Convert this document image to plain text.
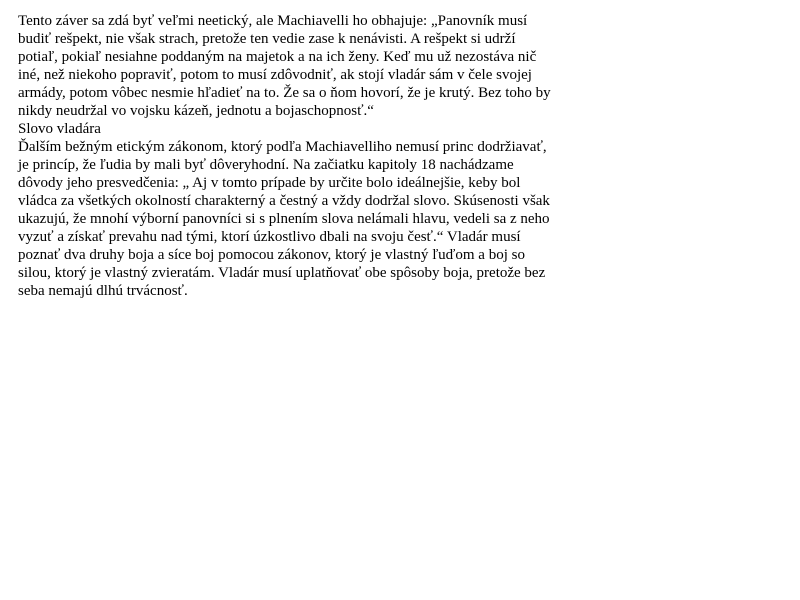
Tento záver sa zdá byť veľmi neetický, ale Machiavelli ho obhajuje: „Panovník musí
budiť rešpekt, nie však strach, pretože ten vedie zase k nenávisti. A rešpekt si udrží
potiaľ, pokiaľ nesiahne poddaným na majetok a na ich ženy. Keď mu už nezostáva nič
iné, než niekoho popraviť, potom to musí zdôvodniť, ak stojí vladár sám v čele svojej
armády, potom vôbec nesmie hľadieť na to. Že sa o ňom hovorí, že je krutý. Bez toho by
nikdy neudržal vo vojsku kázeň, jednotu a bojaschopnosť.“
Slovo vladára
Ďalším bežným etickým zákonom, ktorý podľa Machiavelliho nemusí princ dodržiavať,
je princíp, že ľudia by mali byť dôveryhodní. Na začiatku kapitoly 18 nachádzame
dôvody jeho presvedčenia: „ Aj v tomto prípade by určite bolo ideálnejšie, keby bol
vládca za všetkých okolností charakterný a čestný a vždy dodržal slovo. Skúsenosti však
ukazujú, že mnohí výborní panovníci si s plnením slova nelámali hlavu, vedeli sa z neho
vyzuť a získať prevahu nad tými, ktorí úzkostlivo dbali na svoju česť.“ Vladár musí
poznať dva druhy boja a síce boj pomocou zákonov, ktorý je vlastný ľuďom a boj so
silou, ktorý je vlastný zvieratám. Vladár musí uplatňovať obe spôsoby boja, pretože bez
seba nemajú dlhú trvácnosť.
